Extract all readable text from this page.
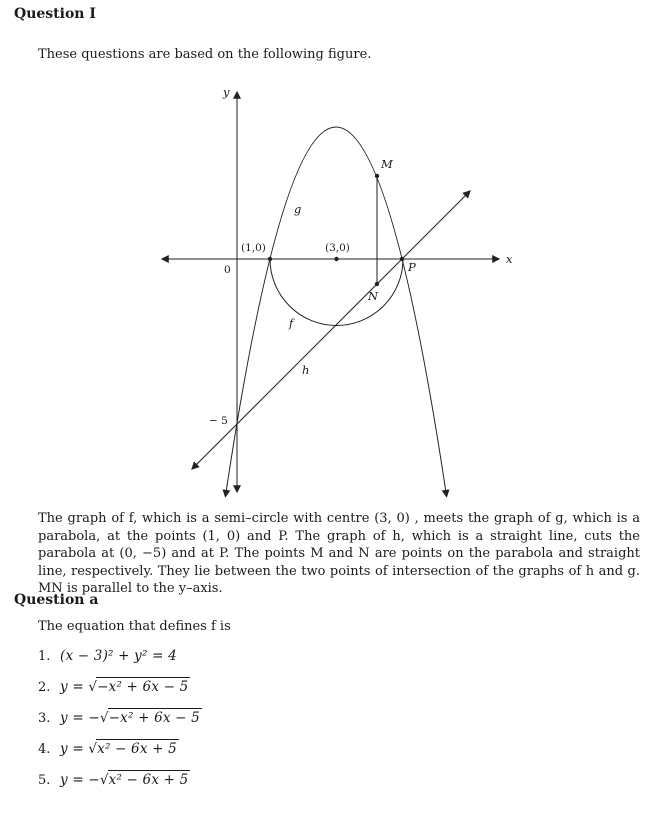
Question I

These questions are based on the following figure.

y
x
0
(1,0)	(3,0)
g
f
h
M
N
P
− 5

The graph of f, which is a semi–circle with centre (3, 0) , meets the graph of g, which is a parabola, at the points (1, 0) and P. The graph of h, which is a straight line, cuts the parabola at (0, −5) and at P. The points M and N are points on the parabola and straight line, respectively. They lie between the two points of intersection of the graphs of h and g. MN is parallel to the y–axis.

Question a

The equation that defines f is

1. (x − 3)² + y² = 4
2. y = √−x² + 6x − 5
3. y = −√−x² + 6x − 5
4. y = √x² − 6x + 5
5. y = −√x² − 6x + 5
